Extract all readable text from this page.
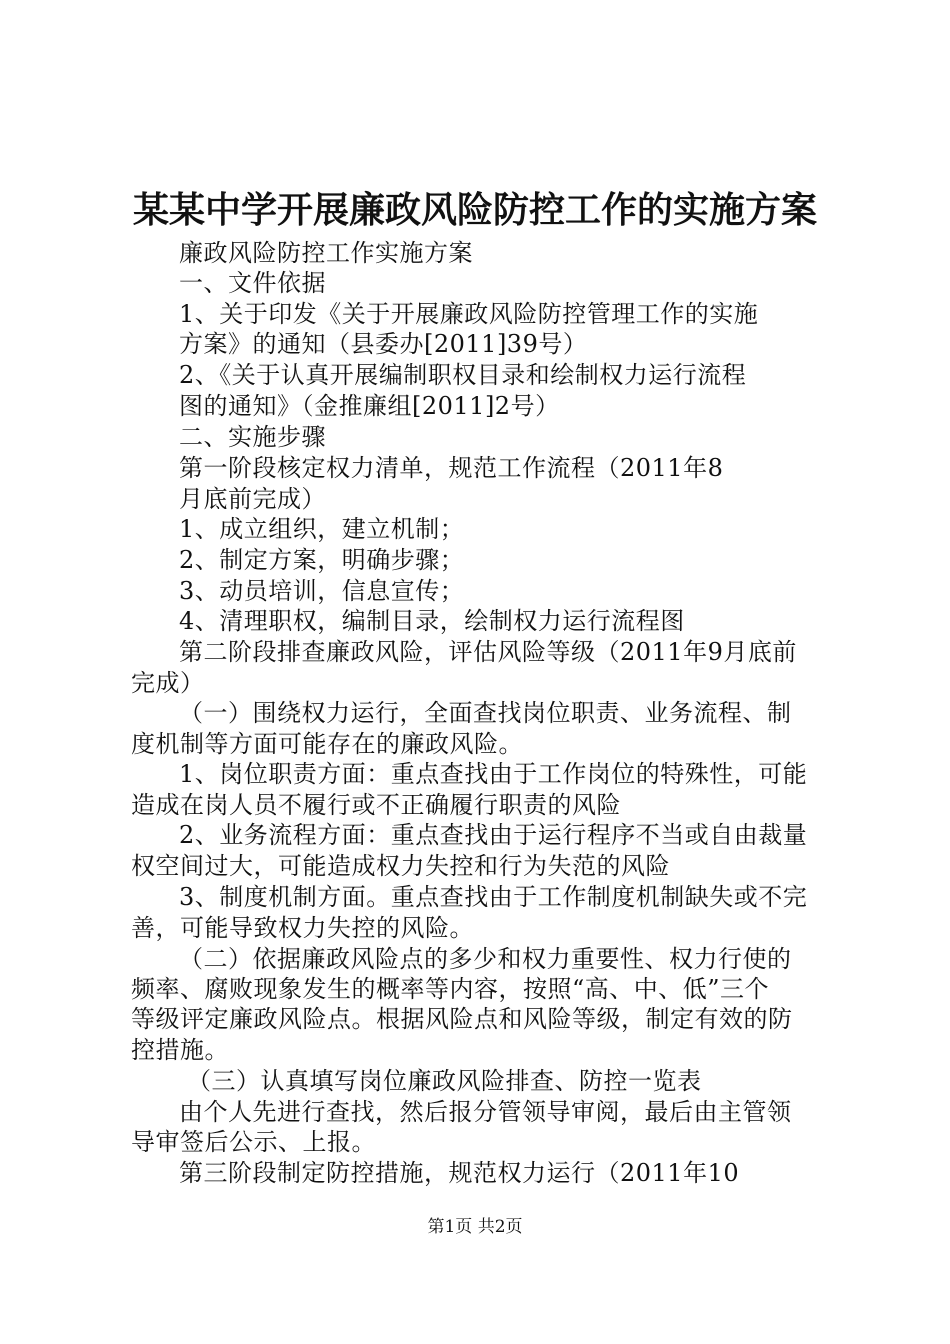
某某中学开展廉政风险防控工作的实施方案
廉政风险防控工作实施方案
一、文件依据
1、关于印发《关于开展廉政风险防控管理工作的实施
方案》的通知（县委办[2011]39号）
2、《关于认真开展编制职权目录和绘制权力运行流程
图的通知》（金推廉组[2011]2号）
二、实施步骤
第一阶段核定权力清单，规范工作流程（2011年8
月底前完成）
1、成立组织，建立机制；
2、制定方案，明确步骤；
3、动员培训，信息宣传；
4、清理职权，编制目录，绘制权力运行流程图
第二阶段排查廉政风险，评估风险等级（2011年9月底前
完成）
（一）围绕权力运行，全面查找岗位职责、业务流程、制
度机制等方面可能存在的廉政风险。
1、岗位职责方面：重点查找由于工作岗位的特殊性，可能
造成在岗人员不履行或不正确履行职责的风险
2、业务流程方面：重点查找由于运行程序不当或自由裁量
权空间过大，可能造成权力失控和行为失范的风险
3、制度机制方面。重点查找由于工作制度机制缺失或不完
善，可能导致权力失控的风险。
（二）依据廉政风险点的多少和权力重要性、权力行使的
频率、腐败现象发生的概率等内容，按照“高、中、低”三个
等级评定廉政风险点。根据风险点和风险等级，制定有效的防
控措施。
（三）认真填写岗位廉政风险排查、防控一览表
由个人先进行查找，然后报分管领导审阅，最后由主管领
导审签后公示、上报。
第三阶段制定防控措施，规范权力运行（2011年10
第1页 共2页
